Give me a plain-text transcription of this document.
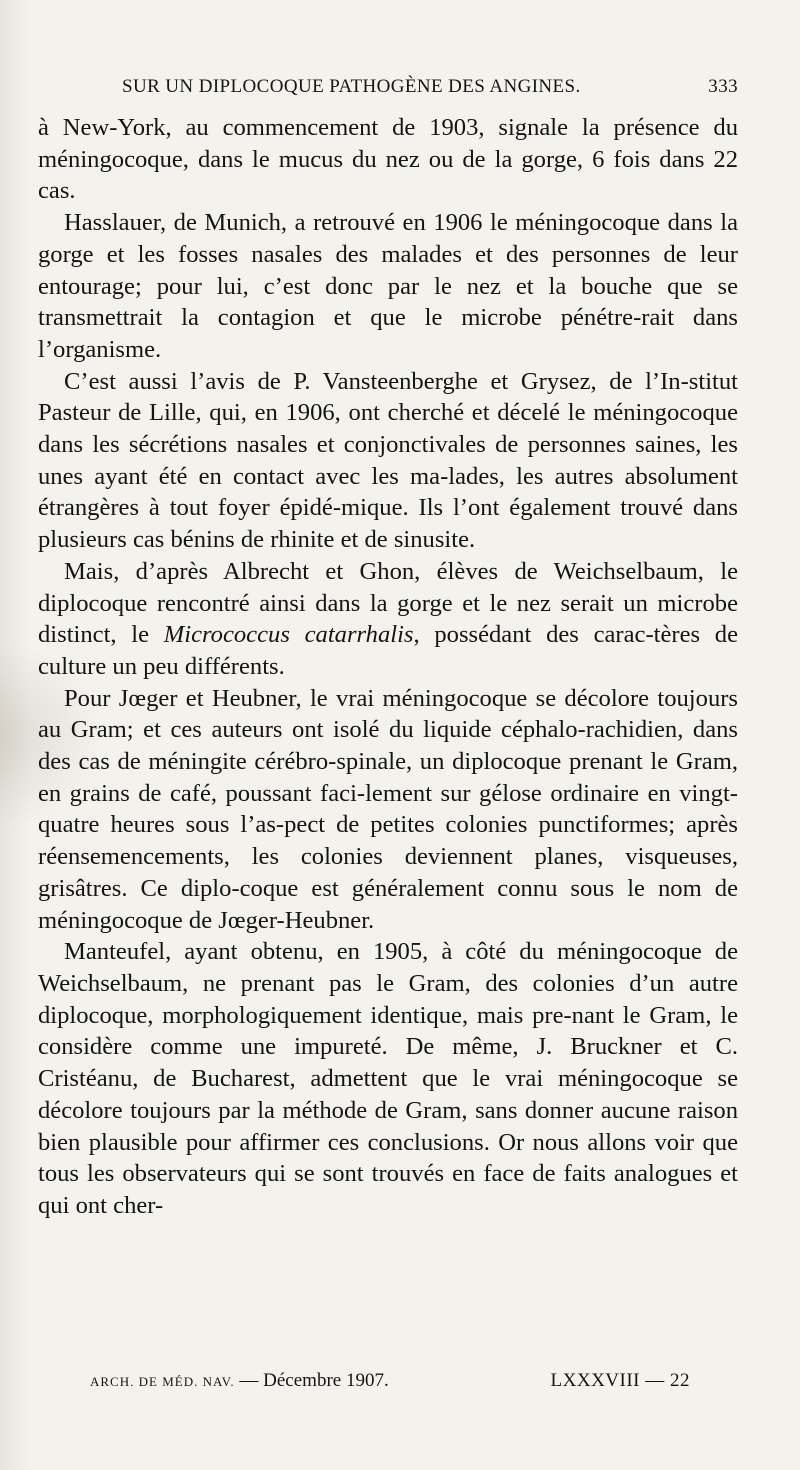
SUR UN DIPLOCOQUE PATHOGÈNE DES ANGINES.	333

à New-York, au commencement de 1903, signale la présence du méningocoque, dans le mucus du nez ou de la gorge, 6 fois dans 22 cas.

Hasslauer, de Munich, a retrouvé en 1906 le méningocoque dans la gorge et les fosses nasales des malades et des personnes de leur entourage; pour lui, c’est donc par le nez et la bouche que se transmettrait la contagion et que le microbe pénétre-rait dans l’organisme.

C’est aussi l’avis de P. Vansteenberghe et Grysez, de l’In-stitut Pasteur de Lille, qui, en 1906, ont cherché et décelé le méningocoque dans les sécrétions nasales et conjonctivales de personnes saines, les unes ayant été en contact avec les ma-lades, les autres absolument étrangères à tout foyer épidé-mique. Ils l’ont également trouvé dans plusieurs cas bénins de rhinite et de sinusite.

Mais, d’après Albrecht et Ghon, élèves de Weichselbaum, le diplocoque rencontré ainsi dans la gorge et le nez serait un microbe distinct, le Micrococcus catarrhalis, possédant des carac-tères de culture un peu différents.

Pour Jœger et Heubner, le vrai méningocoque se décolore toujours au Gram; et ces auteurs ont isolé du liquide céphalo-rachidien, dans des cas de méningite cérébro-spinale, un diplocoque prenant le Gram, en grains de café, poussant faci-lement sur gélose ordinaire en vingt-quatre heures sous l’as-pect de petites colonies punctiformes; après réensemencements, les colonies deviennent planes, visqueuses, grisâtres. Ce diplo-coque est généralement connu sous le nom de méningocoque de Jœger-Heubner.

Manteufel, ayant obtenu, en 1905, à côté du méningocoque de Weichselbaum, ne prenant pas le Gram, des colonies d’un autre diplocoque, morphologiquement identique, mais pre-nant le Gram, le considère comme une impureté. De même, J. Bruckner et C. Cristéanu, de Bucharest, admettent que le vrai méningocoque se décolore toujours par la méthode de Gram, sans donner aucune raison bien plausible pour affirmer ces conclusions. Or nous allons voir que tous les observateurs qui se sont trouvés en face de faits analogues et qui ont cher-

ARCH. DE MÉD. NAV. — Décembre 1907.	LXXXVIII — 22
